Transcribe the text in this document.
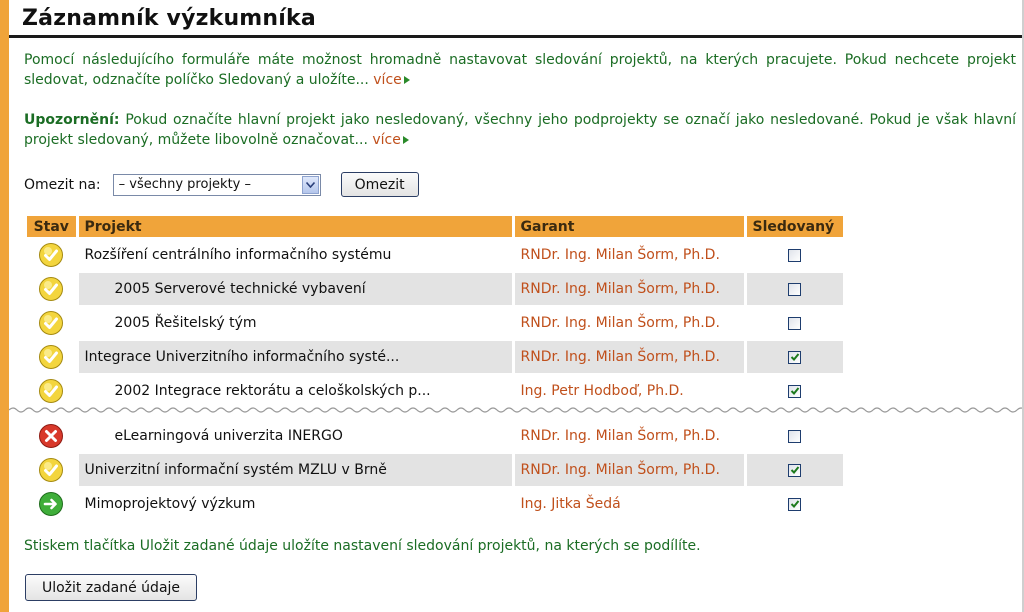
Záznamník výzkumníka
Pomocí následujícího formuláře máte možnost hromadně nastavovat sledování projektů, na kterých pracujete. Pokud nechcete projekt sledovat, odznačíte políčko Sledovaný a uložíte... více
Upozornění: Pokud označíte hlavní projekt jako nesledovaný, všechny jeho podprojekty se označí jako nesledované. Pokud je však hlavní projekt sledovaný, můžete libovolně označovat... více
Omezit na:	– všechny projekty –	Omezit
Stav	Projekt	Garant	Sledovaný
	Rozšíření centrálního informačního systému	RNDr. Ing. Milan Šorm, Ph.D.	
	2005 Serverové technické vybavení	RNDr. Ing. Milan Šorm, Ph.D.	
	2005 Řešitelský tým	RNDr. Ing. Milan Šorm, Ph.D.	
	Integrace Univerzitního informačního systé...	RNDr. Ing. Milan Šorm, Ph.D.	

	2002 Integrace rektorátu a celoškolských p...	Ing. Petr Hodboď, Ph.D.	
	eLearningová univerzita INERGO	RNDr. Ing. Milan Šorm, Ph.D.	
	Univerzitní informační systém MZLU v Brně	RNDr. Ing. Milan Šorm, Ph.D.	

	Mimoprojektový výzkum	Ing. Jitka Šedá	
Stiskem tlačítka Uložit zadané údaje uložíte nastavení sledování projektů, na kterých se podílíte.
Uložit zadané údaje
